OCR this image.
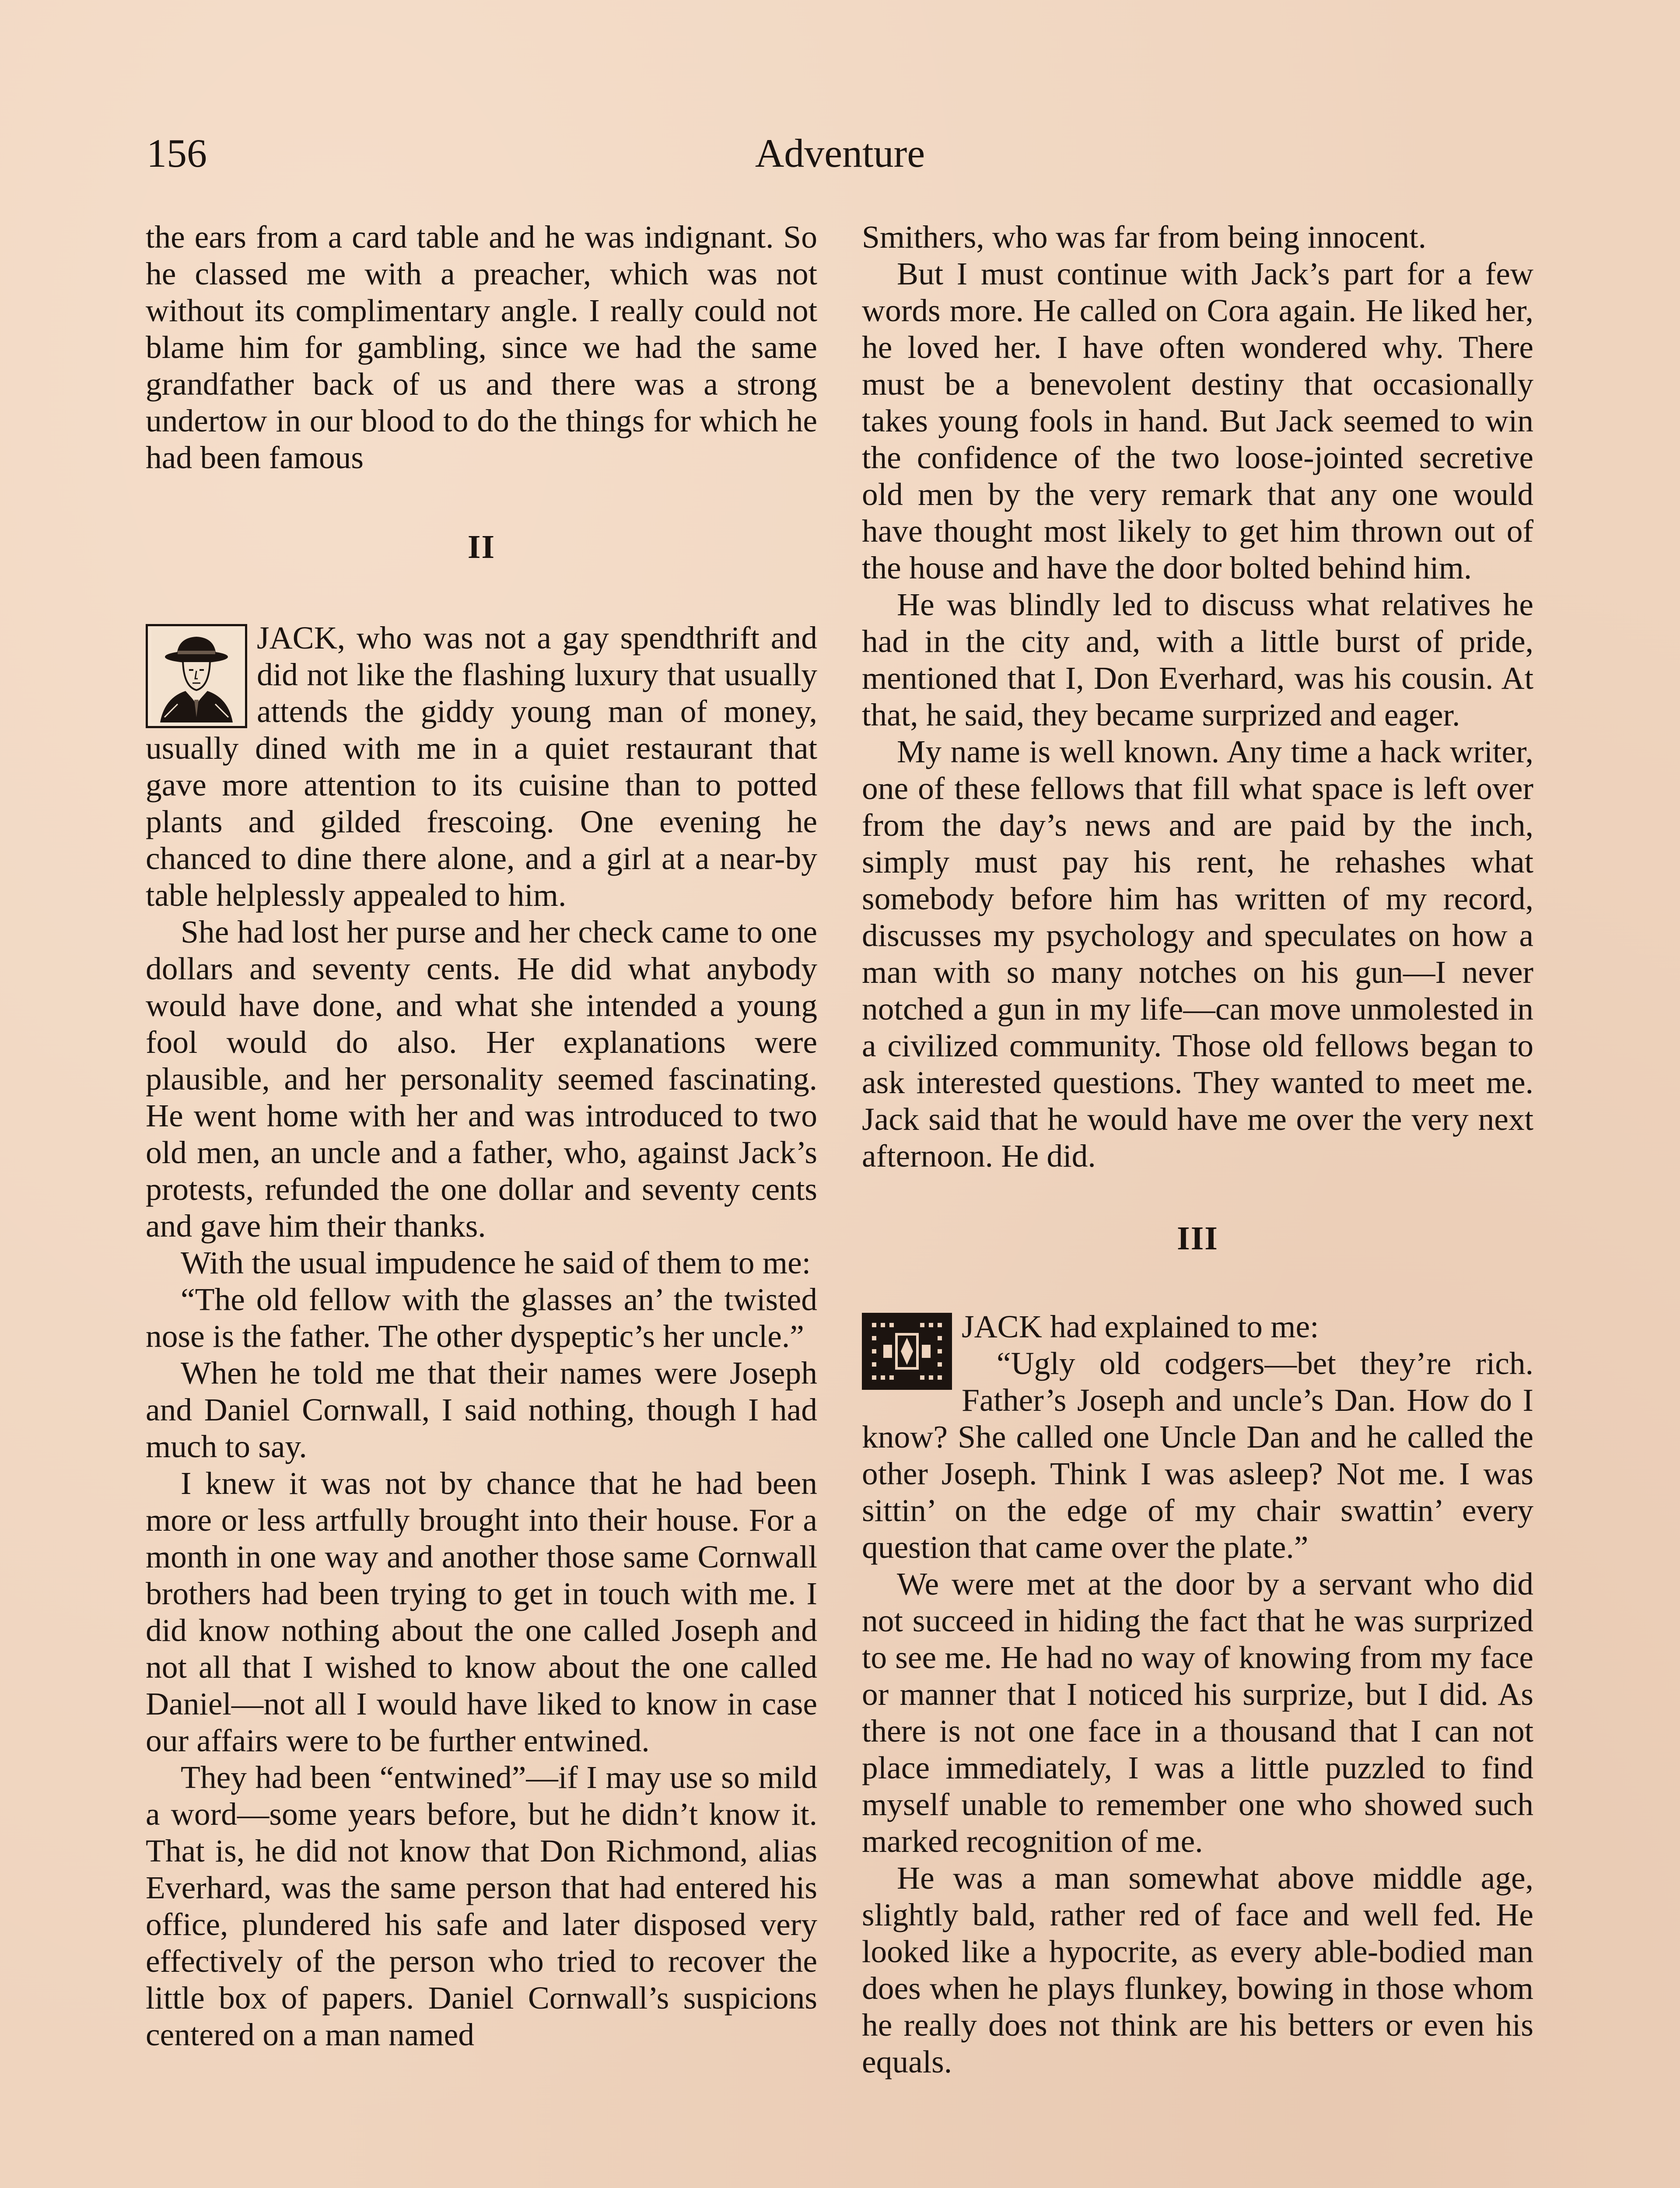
156	Adventure

the ears from a card table and he was indignant. So he classed me with a preacher, which was not without its complimentary angle. I really could not blame him for gambling, since we had the same grandfather back of us and there was a strong undertow in our blood to do the things for which he had been famous

II

JACK, who was not a gay spendthrift and did not like the flashing luxury that usually attends the giddy young man of money, usually dined with me in a quiet restaurant that gave more attention to its cuisine than to potted plants and gilded frescoing. One evening he chanced to dine there alone, and a girl at a near-by table helplessly appealed to him.

She had lost her purse and her check came to one dollars and seventy cents. He did what anybody would have done, and what she intended a young fool would do also. Her explanations were plausible, and her personality seemed fascinating. He went home with her and was introduced to two old men, an uncle and a father, who, against Jack’s protests, refunded the one dollar and seventy cents and gave him their thanks.

With the usual impudence he said of them to me:

“The old fellow with the glasses an’ the twisted nose is the father. The other dyspeptic’s her uncle.”

When he told me that their names were Joseph and Daniel Cornwall, I said nothing, though I had much to say.

I knew it was not by chance that he had been more or less artfully brought into their house. For a month in one way and another those same Cornwall brothers had been trying to get in touch with me. I did know nothing about the one called Joseph and not all that I wished to know about the one called Daniel—not all I would have liked to know in case our affairs were to be further entwined.

They had been “entwined”—if I may use so mild a word—some years before, but he didn’t know it. That is, he did not know that Don Richmond, alias Everhard, was the same person that had entered his office, plundered his safe and later disposed very effectively of the person who tried to recover the little box of papers. Daniel Cornwall’s suspicions centered on a man named

Smithers, who was far from being innocent.

But I must continue with Jack’s part for a few words more. He called on Cora again. He liked her, he loved her. I have often wondered why. There must be a benevolent destiny that occasionally takes young fools in hand. But Jack seemed to win the confidence of the two loose-jointed secretive old men by the very remark that any one would have thought most likely to get him thrown out of the house and have the door bolted behind him.

He was blindly led to discuss what relatives he had in the city and, with a little burst of pride, mentioned that I, Don Everhard, was his cousin. At that, he said, they became surprized and eager.

My name is well known. Any time a hack writer, one of these fellows that fill what space is left over from the day’s news and are paid by the inch, simply must pay his rent, he rehashes what somebody before him has written of my record, discusses my psychology and speculates on how a man with so many notches on his gun—I never notched a gun in my life—can move unmolested in a civilized community. Those old fellows began to ask interested questions. They wanted to meet me. Jack said that he would have me over the very next afternoon. He did.

III

JACK had explained to me:

“Ugly old codgers—bet they’re rich. Father’s Joseph and uncle’s Dan. How do I know? She called one Uncle Dan and he called the other Joseph. Think I was asleep? Not me. I was sittin’ on the edge of my chair swattin’ every question that came over the plate.”

We were met at the door by a servant who did not succeed in hiding the fact that he was surprized to see me. He had no way of knowing from my face or manner that I noticed his surprize, but I did. As there is not one face in a thousand that I can not place immediately, I was a little puzzled to find myself unable to remember one who showed such marked recognition of me.

He was a man somewhat above middle age, slightly bald, rather red of face and well fed. He looked like a hypocrite, as every able-bodied man does when he plays flunkey, bowing in those whom he really does not think are his betters or even his equals.
